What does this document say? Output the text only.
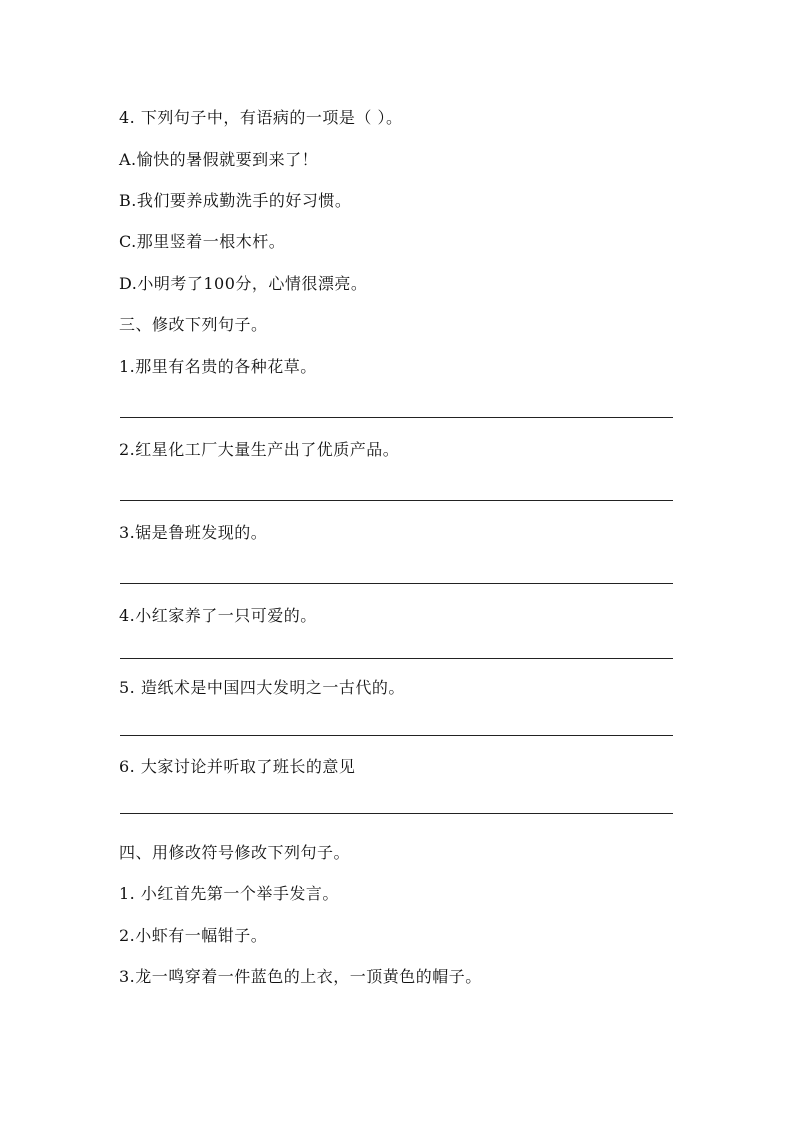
4. 下列句子中，有语病的一项是（ ）。
A.愉快的暑假就要到来了！
B.我们要养成勤洗手的好习惯。
C.那里竖着一根木杆。
D.小明考了100分，心情很漂亮。
三、修改下列句子。
1.那里有名贵的各种花草。
2.红星化工厂大量生产出了优质产品。
3.锯是鲁班发现的。
4.小红家养了一只可爱的。
5. 造纸术是中国四大发明之一古代的。
6. 大家讨论并听取了班长的意见
四、用修改符号修改下列句子。
1. 小红首先第一个举手发言。
2.小虾有一幅钳子。
3.龙一鸣穿着一件蓝色的上衣，一顶黄色的帽子。
